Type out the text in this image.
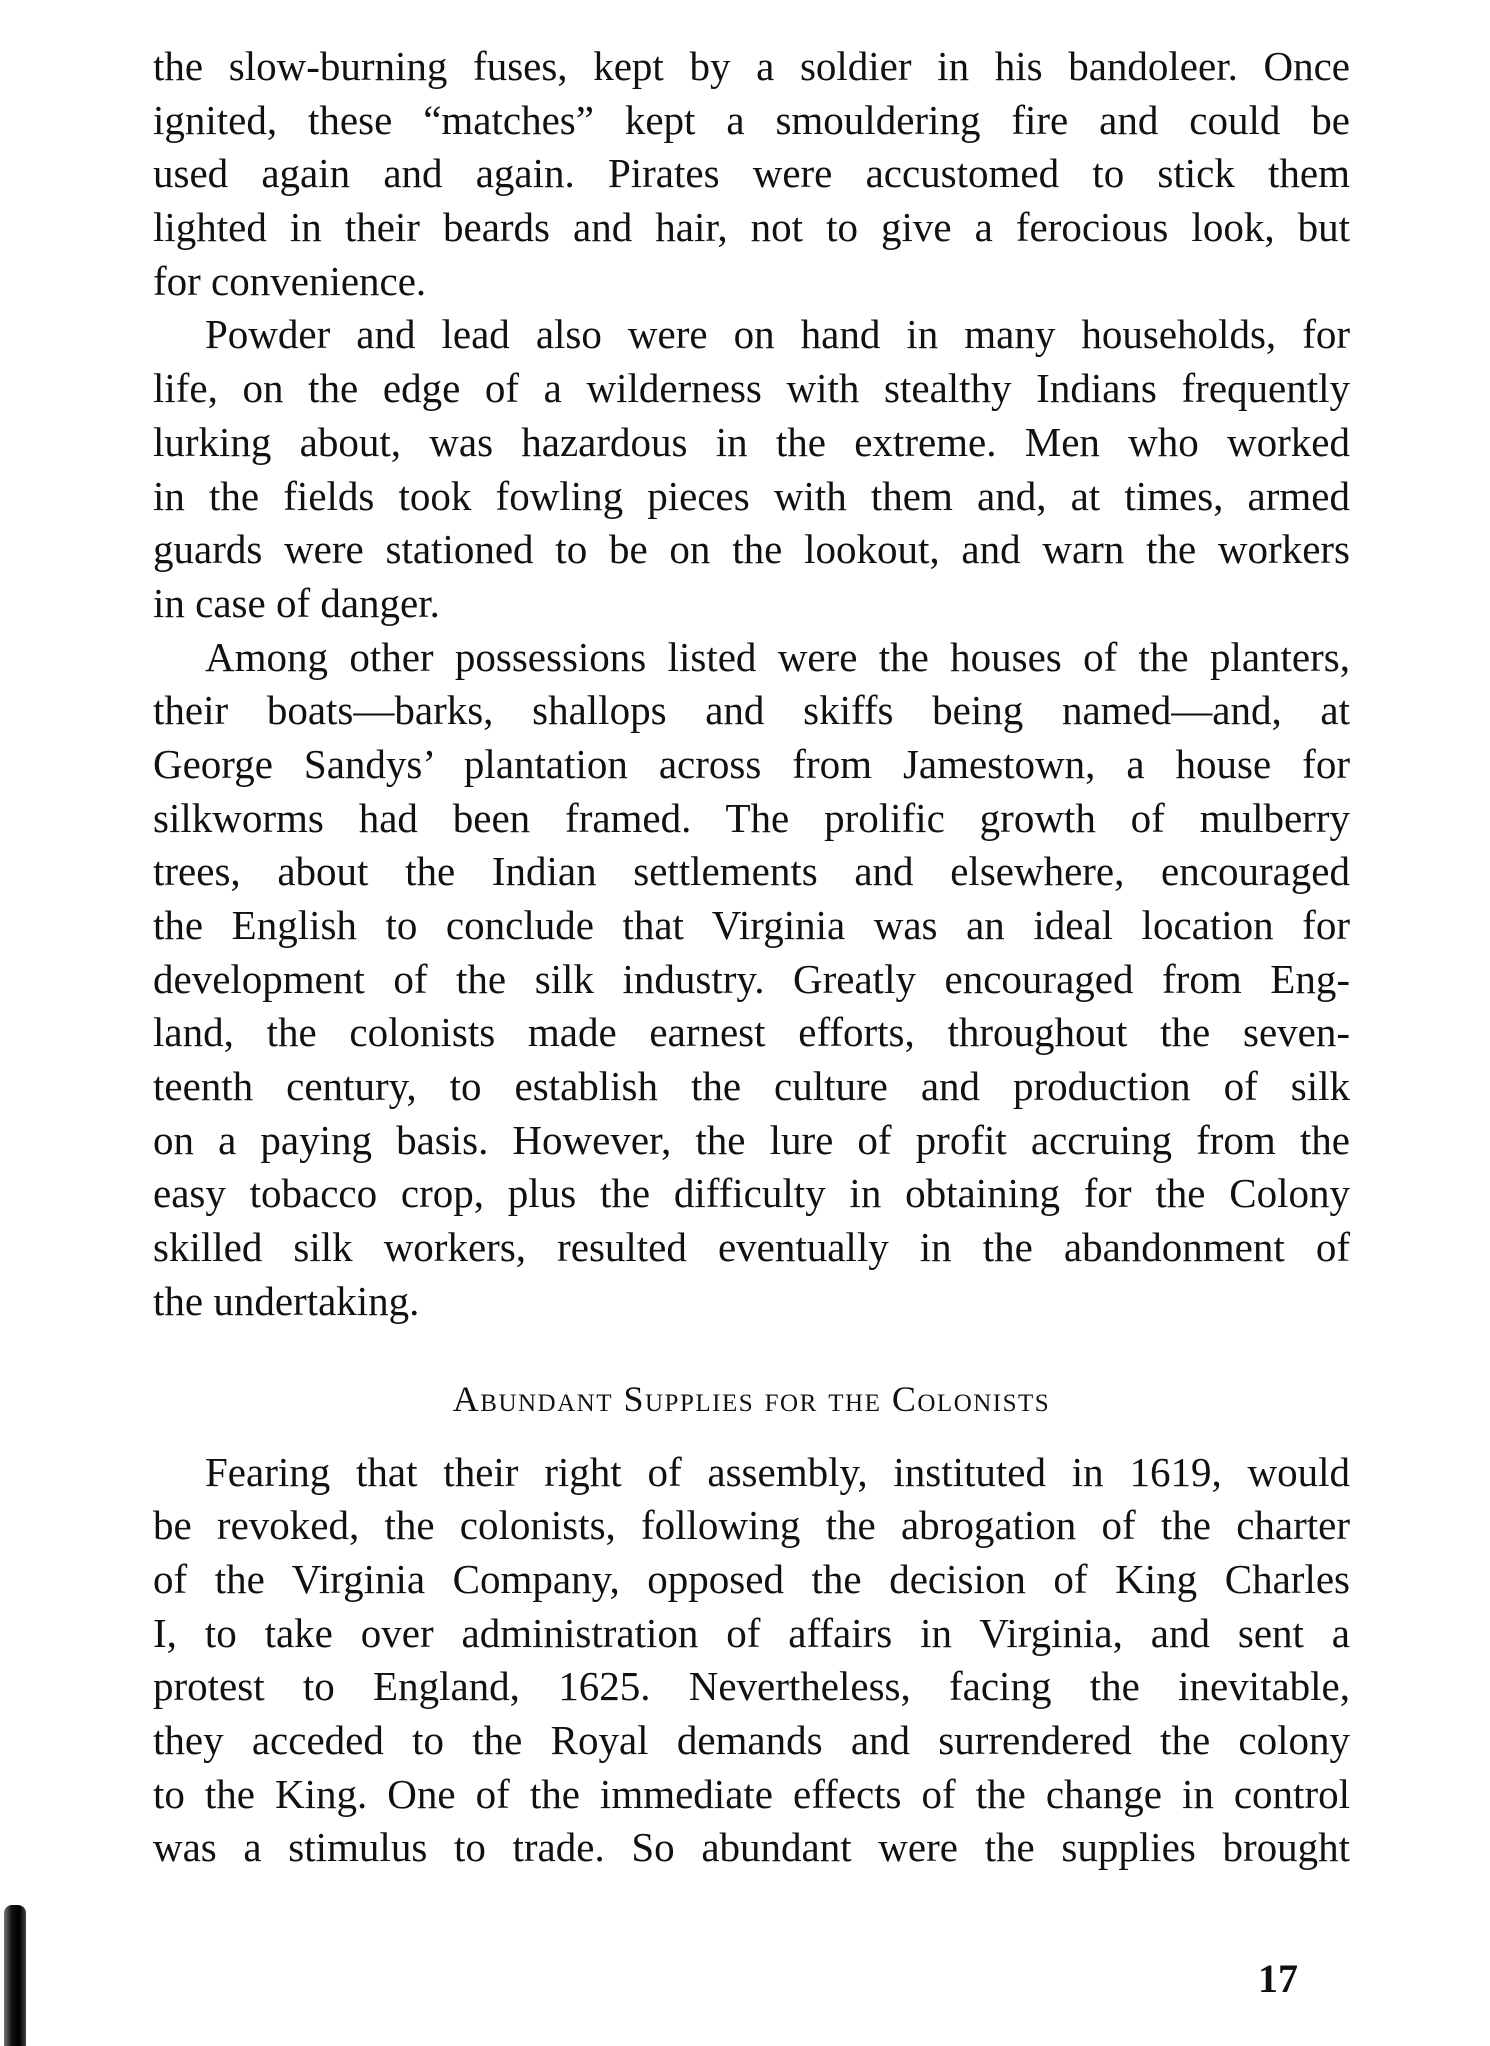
the slow-burning fuses, kept by a soldier in his bandoleer. Once
ignited, these “matches” kept a smouldering fire and could be
used again and again. Pirates were accustomed to stick them
lighted in their beards and hair, not to give a ferocious look, but
for convenience.
Powder and lead also were on hand in many households, for
life, on the edge of a wilderness with stealthy Indians frequently
lurking about, was hazardous in the extreme. Men who worked
in the fields took fowling pieces with them and, at times, armed
guards were stationed to be on the lookout, and warn the workers
in case of danger.
Among other possessions listed were the houses of the planters,
their boats—barks, shallops and skiffs being named—and, at
George Sandys’ plantation across from Jamestown, a house for
silkworms had been framed. The prolific growth of mulberry
trees, about the Indian settlements and elsewhere, encouraged
the English to conclude that Virginia was an ideal location for
development of the silk industry. Greatly encouraged from Eng-
land, the colonists made earnest efforts, throughout the seven-
teenth century, to establish the culture and production of silk
on a paying basis. However, the lure of profit accruing from the
easy tobacco crop, plus the difficulty in obtaining for the Colony
skilled silk workers, resulted eventually in the abandonment of
the undertaking.
Abundant Supplies for the Colonists
Fearing that their right of assembly, instituted in 1619, would
be revoked, the colonists, following the abrogation of the charter
of the Virginia Company, opposed the decision of King Charles
I, to take over administration of affairs in Virginia, and sent a
protest to England, 1625. Nevertheless, facing the inevitable,
they acceded to the Royal demands and surrendered the colony
to the King. One of the immediate effects of the change in control
was a stimulus to trade. So abundant were the supplies brought
17
